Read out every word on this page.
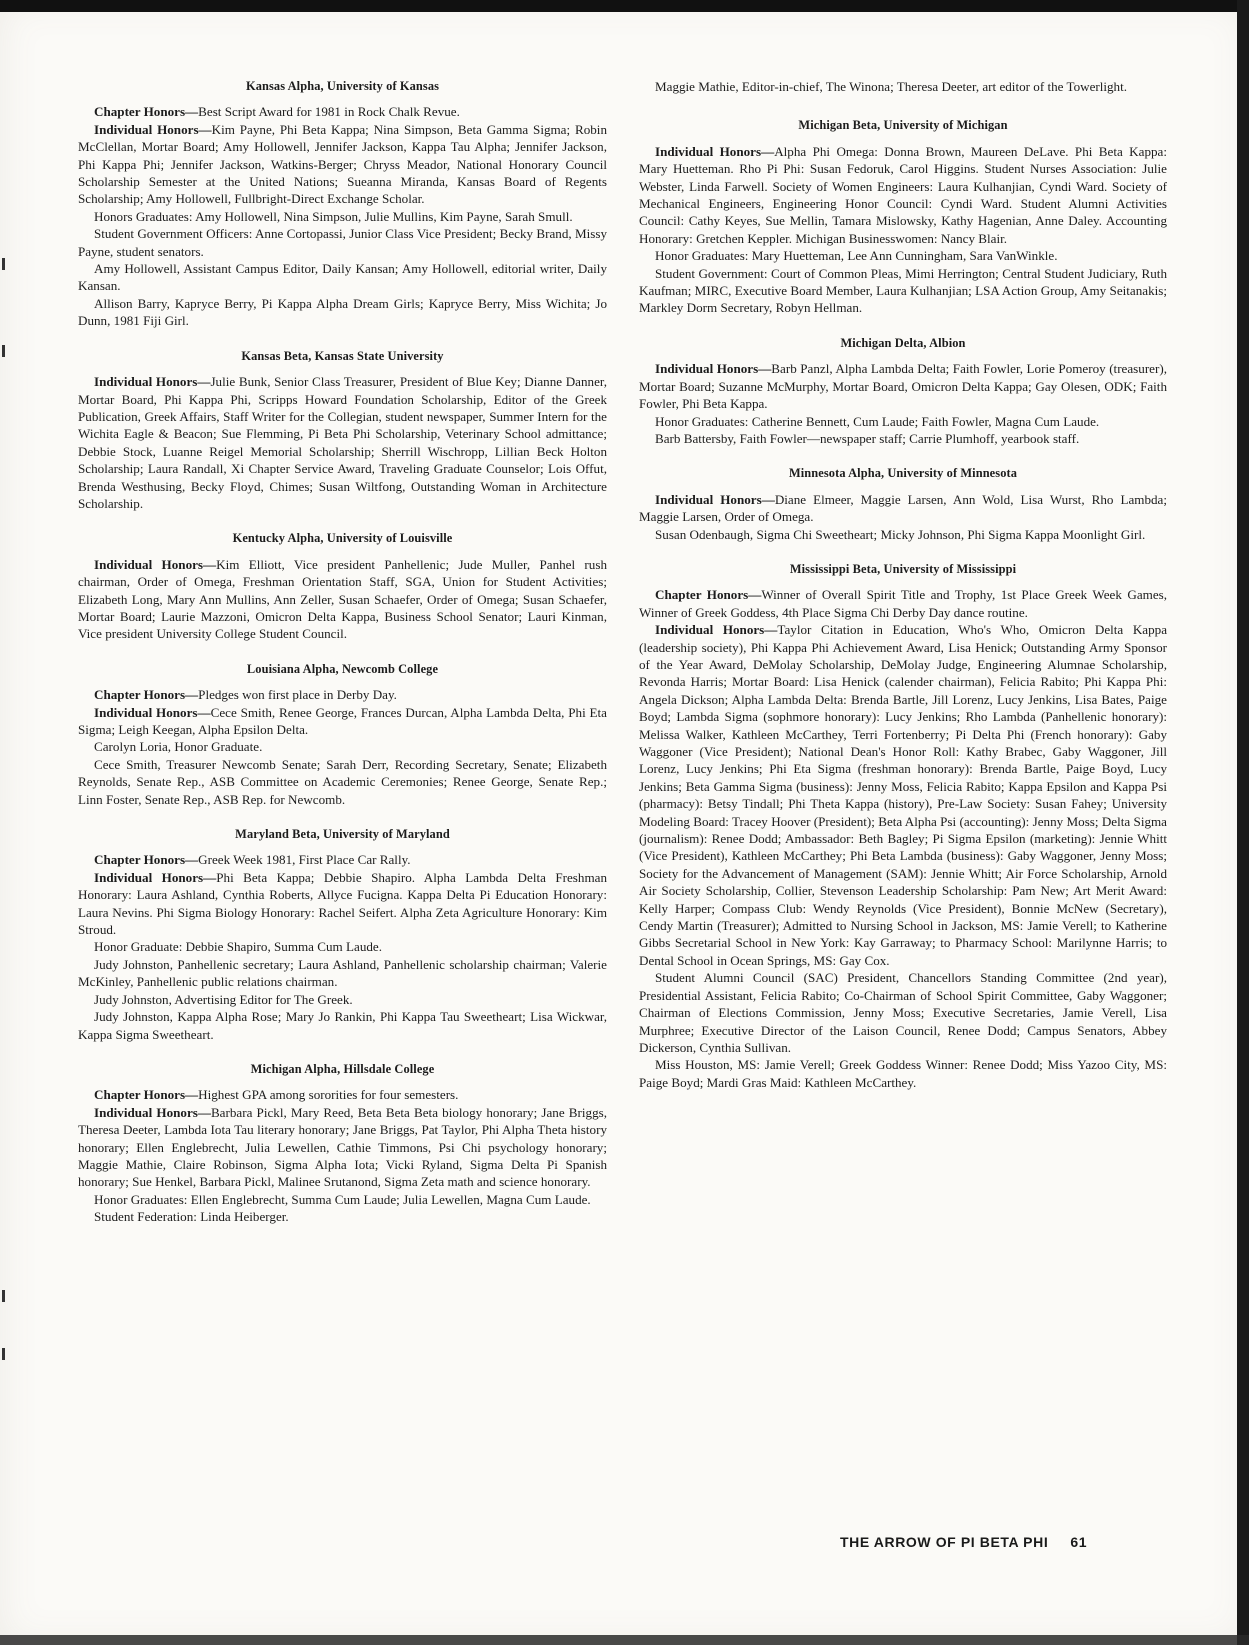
Kansas Alpha, University of Kansas

Chapter Honors—Best Script Award for 1981 in Rock Chalk Revue.

Individual Honors—Kim Payne, Phi Beta Kappa; Nina Simpson, Beta Gamma Sigma; Robin McClellan, Mortar Board; Amy Hollowell, Jennifer Jackson, Kappa Tau Alpha; Jennifer Jackson, Phi Kappa Phi; Jennifer Jackson, Watkins-Berger; Chryss Meador, National Honorary Council Scholarship Semester at the United Nations; Sueanna Miranda, Kansas Board of Regents Scholarship; Amy Hollowell, Fullbright-Direct Exchange Scholar.

Honors Graduates: Amy Hollowell, Nina Simpson, Julie Mullins, Kim Payne, Sarah Smull.

Student Government Officers: Anne Cortopassi, Junior Class Vice President; Becky Brand, Missy Payne, student senators.

Amy Hollowell, Assistant Campus Editor, Daily Kansan; Amy Hollowell, editorial writer, Daily Kansan.

Allison Barry, Kapryce Berry, Pi Kappa Alpha Dream Girls; Kapryce Berry, Miss Wichita; Jo Dunn, 1981 Fiji Girl.

Kansas Beta, Kansas State University

Individual Honors—Julie Bunk, Senior Class Treasurer, President of Blue Key; Dianne Danner, Mortar Board, Phi Kappa Phi, Scripps Howard Foundation Scholarship, Editor of the Greek Publication, Greek Affairs, Staff Writer for the Collegian, student newspaper, Summer Intern for the Wichita Eagle & Beacon; Sue Flemming, Pi Beta Phi Scholarship, Veterinary School admittance; Debbie Stock, Luanne Reigel Memorial Scholarship; Sherrill Wischropp, Lillian Beck Holton Scholarship; Laura Randall, Xi Chapter Service Award, Traveling Graduate Counselor; Lois Offut, Brenda Westhusing, Becky Floyd, Chimes; Susan Wiltfong, Outstanding Woman in Architecture Scholarship.

Kentucky Alpha, University of Louisville

Individual Honors—Kim Elliott, Vice president Panhellenic; Jude Muller, Panhel rush chairman, Order of Omega, Freshman Orientation Staff, SGA, Union for Student Activities; Elizabeth Long, Mary Ann Mullins, Ann Zeller, Susan Schaefer, Order of Omega; Susan Schaefer, Mortar Board; Laurie Mazzoni, Omicron Delta Kappa, Business School Senator; Lauri Kinman, Vice president University College Student Council.

Louisiana Alpha, Newcomb College

Chapter Honors—Pledges won first place in Derby Day.

Individual Honors—Cece Smith, Renee George, Frances Durcan, Alpha Lambda Delta, Phi Eta Sigma; Leigh Keegan, Alpha Epsilon Delta.

Carolyn Loria, Honor Graduate.

Cece Smith, Treasurer Newcomb Senate; Sarah Derr, Recording Secretary, Senate; Elizabeth Reynolds, Senate Rep., ASB Committee on Academic Ceremonies; Renee George, Senate Rep.; Linn Foster, Senate Rep., ASB Rep. for Newcomb.

Maryland Beta, University of Maryland

Chapter Honors—Greek Week 1981, First Place Car Rally.

Individual Honors—Phi Beta Kappa; Debbie Shapiro. Alpha Lambda Delta Freshman Honorary: Laura Ashland, Cynthia Roberts, Allyce Fucigna. Kappa Delta Pi Education Honorary: Laura Nevins. Phi Sigma Biology Honorary: Rachel Seifert. Alpha Zeta Agriculture Honorary: Kim Stroud.

Honor Graduate: Debbie Shapiro, Summa Cum Laude.

Judy Johnston, Panhellenic secretary; Laura Ashland, Panhellenic scholarship chairman; Valerie McKinley, Panhellenic public relations chairman.

Judy Johnston, Advertising Editor for The Greek.

Judy Johnston, Kappa Alpha Rose; Mary Jo Rankin, Phi Kappa Tau Sweetheart; Lisa Wickwar, Kappa Sigma Sweetheart.

Michigan Alpha, Hillsdale College

Chapter Honors—Highest GPA among sororities for four semesters.

Individual Honors—Barbara Pickl, Mary Reed, Beta Beta Beta biology honorary; Jane Briggs, Theresa Deeter, Lambda Iota Tau literary honorary; Jane Briggs, Pat Taylor, Phi Alpha Theta history honorary; Ellen Englebrecht, Julia Lewellen, Cathie Timmons, Psi Chi psychology honorary; Maggie Mathie, Claire Robinson, Sigma Alpha Iota; Vicki Ryland, Sigma Delta Pi Spanish honorary; Sue Henkel, Barbara Pickl, Malinee Srutanond, Sigma Zeta math and science honorary.

Honor Graduates: Ellen Englebrecht, Summa Cum Laude; Julia Lewellen, Magna Cum Laude.

Student Federation: Linda Heiberger.

Maggie Mathie, Editor-in-chief, The Winona; Theresa Deeter, art editor of the Towerlight.

Michigan Beta, University of Michigan

Individual Honors—Alpha Phi Omega: Donna Brown, Maureen DeLave. Phi Beta Kappa: Mary Huetteman. Rho Pi Phi: Susan Fedoruk, Carol Higgins. Student Nurses Association: Julie Webster, Linda Farwell. Society of Women Engineers: Laura Kulhanjian, Cyndi Ward. Society of Mechanical Engineers, Engineering Honor Council: Cyndi Ward. Student Alumni Activities Council: Cathy Keyes, Sue Mellin, Tamara Mislowsky, Kathy Hagenian, Anne Daley. Accounting Honorary: Gretchen Keppler. Michigan Businesswomen: Nancy Blair.

Honor Graduates: Mary Huetteman, Lee Ann Cunningham, Sara VanWinkle.

Student Government: Court of Common Pleas, Mimi Herrington; Central Student Judiciary, Ruth Kaufman; MIRC, Executive Board Member, Laura Kulhanjian; LSA Action Group, Amy Seitanakis; Markley Dorm Secretary, Robyn Hellman.

Michigan Delta, Albion

Individual Honors—Barb Panzl, Alpha Lambda Delta; Faith Fowler, Lorie Pomeroy (treasurer), Mortar Board; Suzanne McMurphy, Mortar Board, Omicron Delta Kappa; Gay Olesen, ODK; Faith Fowler, Phi Beta Kappa.

Honor Graduates: Catherine Bennett, Cum Laude; Faith Fowler, Magna Cum Laude.

Barb Battersby, Faith Fowler—newspaper staff; Carrie Plumhoff, yearbook staff.

Minnesota Alpha, University of Minnesota

Individual Honors—Diane Elmeer, Maggie Larsen, Ann Wold, Lisa Wurst, Rho Lambda; Maggie Larsen, Order of Omega.

Susan Odenbaugh, Sigma Chi Sweetheart; Micky Johnson, Phi Sigma Kappa Moonlight Girl.

Mississippi Beta, University of Mississippi

Chapter Honors—Winner of Overall Spirit Title and Trophy, 1st Place Greek Week Games, Winner of Greek Goddess, 4th Place Sigma Chi Derby Day dance routine.

Individual Honors—Taylor Citation in Education, Who's Who, Omicron Delta Kappa (leadership society), Phi Kappa Phi Achievement Award, Lisa Henick; Outstanding Army Sponsor of the Year Award, DeMolay Scholarship, DeMolay Judge, Engineering Alumnae Scholarship, Revonda Harris; Mortar Board: Lisa Henick (calender chairman), Felicia Rabito; Phi Kappa Phi: Angela Dickson; Alpha Lambda Delta: Brenda Bartle, Jill Lorenz, Lucy Jenkins, Lisa Bates, Paige Boyd; Lambda Sigma (sophmore honorary): Lucy Jenkins; Rho Lambda (Panhellenic honorary): Melissa Walker, Kathleen McCarthey, Terri Fortenberry; Pi Delta Phi (French honorary): Gaby Waggoner (Vice President); National Dean's Honor Roll: Kathy Brabec, Gaby Waggoner, Jill Lorenz, Lucy Jenkins; Phi Eta Sigma (freshman honorary): Brenda Bartle, Paige Boyd, Lucy Jenkins; Beta Gamma Sigma (business): Jenny Moss, Felicia Rabito; Kappa Epsilon and Kappa Psi (pharmacy): Betsy Tindall; Phi Theta Kappa (history), Pre-Law Society: Susan Fahey; University Modeling Board: Tracey Hoover (President); Beta Alpha Psi (accounting): Jenny Moss; Delta Sigma (journalism): Renee Dodd; Ambassador: Beth Bagley; Pi Sigma Epsilon (marketing): Jennie Whitt (Vice President), Kathleen McCarthey; Phi Beta Lambda (business): Gaby Waggoner, Jenny Moss; Society for the Advancement of Management (SAM): Jennie Whitt; Air Force Scholarship, Arnold Air Society Scholarship, Collier, Stevenson Leadership Scholarship: Pam New; Art Merit Award: Kelly Harper; Compass Club: Wendy Reynolds (Vice President), Bonnie McNew (Secretary), Cendy Martin (Treasurer); Admitted to Nursing School in Jackson, MS: Jamie Verell; to Katherine Gibbs Secretarial School in New York: Kay Garraway; to Pharmacy School: Marilynne Harris; to Dental School in Ocean Springs, MS: Gay Cox.

Student Alumni Council (SAC) President, Chancellors Standing Committee (2nd year), Presidential Assistant, Felicia Rabito; Co-Chairman of School Spirit Committee, Gaby Waggoner; Chairman of Elections Commission, Jenny Moss; Executive Secretaries, Jamie Verell, Lisa Murphree; Executive Director of the Laison Council, Renee Dodd; Campus Senators, Abbey Dickerson, Cynthia Sullivan.

Miss Houston, MS: Jamie Verell; Greek Goddess Winner: Renee Dodd; Miss Yazoo City, MS: Paige Boyd; Mardi Gras Maid: Kathleen McCarthey.

THE ARROW OF PI BETA PHI 61
